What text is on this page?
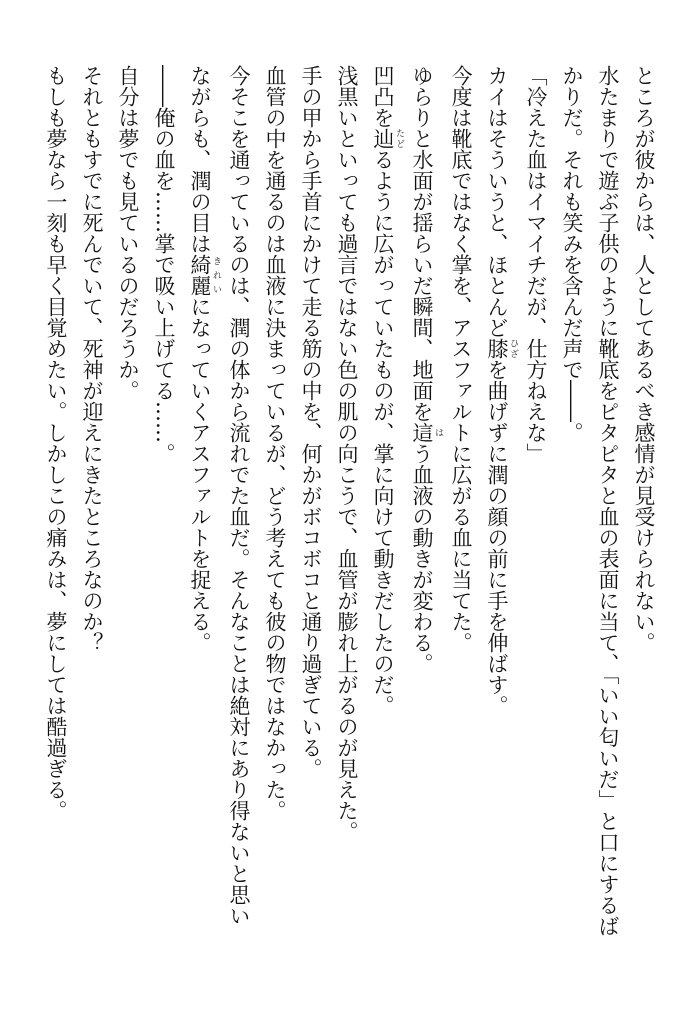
ところが彼からは、人としてあるべき感情が見受けられない。
水たまりで遊ぶ子供のように靴底をピタピタと血の表面に当て、「いい匂いだ」と口にするば
かりだ。それも笑みを含んだ声で――。
「冷えた血はイマイチだが、仕方ねえな」
カイはそういうと、ほとんど膝 ひざを曲げずに潤の顔の前に手を伸ばす。
今度は靴底ではなく掌を、アスファルトに広がる血に当てた。
ゆらりと水面が揺らいだ瞬間、地面を這 はう血液の動きが変わる。
凹凸を辿 たどるように広がっていたものが、掌に向けて動きだしたのだ。
浅黒いといっても過言ではない色の肌の向こうで、血管が膨れ上がるのが見えた。
手の甲から手首にかけて走る筋の中を、何かがボコボコと通り過ぎている。
血管の中を通るのは血液に決まっているが、どう考えても彼の物ではなかった。
今そこを通っているのは、潤の体から流れでた血だ。そんなことは絶対にあり得ないと思い
ながらも、潤の目は綺麗 きれいになっていくアスファルトを捉える。
――俺の血を……掌で吸い上げてる……。
自分は夢でも見ているのだろうか。
それともすでに死んでいて、死神が迎えにきたところなのか？
もしも夢なら一刻も早く目覚めたい。しかしこの痛みは、夢にしては酷過ぎる。
